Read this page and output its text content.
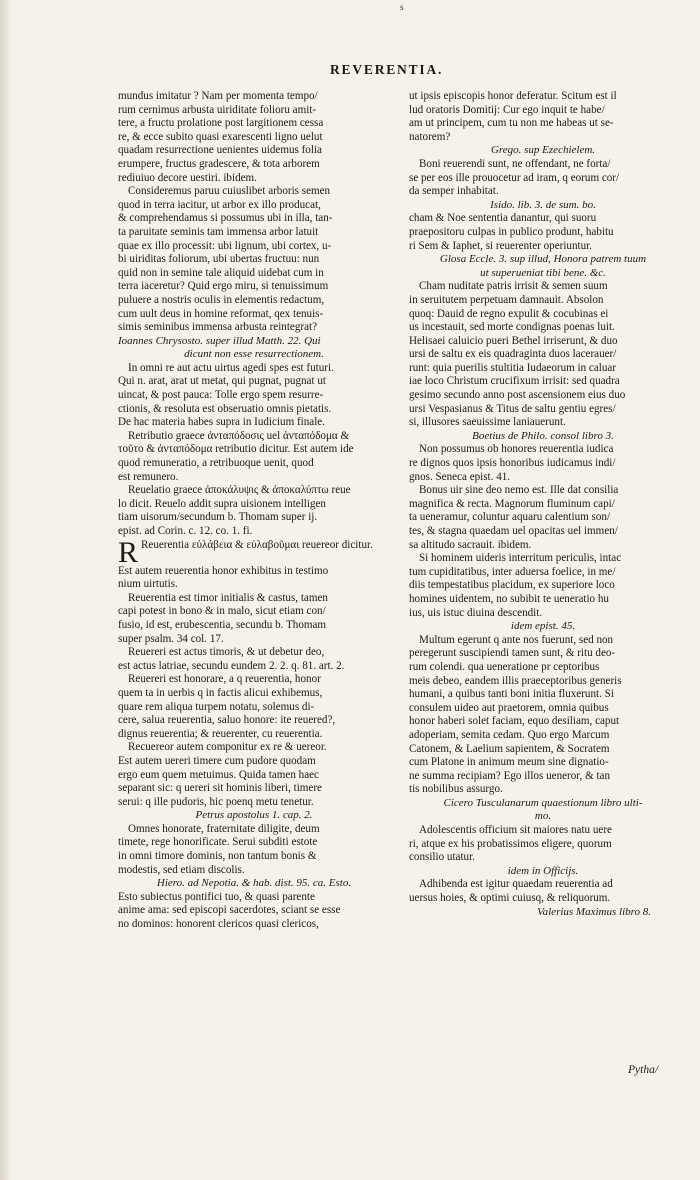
s
REVERENTIA.

mundus imitatur ? Nam per momenta tempo/

rum cernimus arbusta uiriditate folioru amit-

tere, a fructu prolatione post largitionem cessa

re, & ecce subito quasi exarescenti ligno uelut

quadam resurrectione uenientes uidemus folia

erumpere, fructus gradescere, & tota arborem

rediuiuo decore uestiri. ibidem.

Consideremus paruu cuiuslibet arboris semen

quod in terra iacitur, ut arbor ex illo producat,

& comprehendamus si possumus ubi in illa, tan-

ta paruitate seminis tam immensa arbor latuit

quae ex illo processit: ubi lignum, ubi cortex, u-

bi uiriditas foliorum, ubi ubertas fructuu: nun

quid non in semine tale aliquid uidebat cum in

terra iaceretur? Quid ergo miru, si tenuissimum

puluere a nostris oculis in elementis redactum,

cum uult deus in homine reformat, qex tenuis-

simis seminibus immensa arbusta reintegrat?

Ioannes Chrysosto. super illud Matth. 22. Qui

dicunt non esse resurrectionem.

In omni re aut actu uirtus agedi spes est futuri.

Qui n. arat, arat ut metat, qui pugnat, pugnat ut

uincat, & post pauca: Tolle ergo spem resurre-

ctionis, & resoluta est obseruatio omnis pietatis.

De hac materia habes supra in Iudicium finale.

Retributio graece ἀνταπόδοσις uel ἀνταπόδομα &

τοῦτο & ἀνταπόδομα retributio dicitur. Est autem ide

quod remuneratio, a retribuoque uenit, quod

est remunero.

Reuelatio graece ἀποκάλυψις & ἀποκαλύπτω reue

lo dicit. Reuelo addit supra uisionem intelligen

tiam uisorum/secundum b. Thomam super ij.

epist. ad Corin. c. 12. co. 1. fi.

R Reuerentia εὐλάβεια & εὐλαβοῦμαι reuereor dicitur.

Est autem reuerentia honor exhibitus in testimo

nium uirtutis.

Reuerentia est timor initialis & castus, tamen

capi potest in bono & in malo, sicut etiam con/

fusio, id est, erubescentia, secundu b. Thomam

super psalm. 34 col. 17.

Reuereri est actus timoris, & ut debetur deo,

est actus latriae, secundu eundem 2. 2. q. 81. art. 2.

Reuereri est honorare, a q reuerentia, honor

quem ta in uerbis q in factis alicui exhibemus,

quare rem aliqua turpem notatu, solemus di-

cere, salua reuerentia, saluo honore: ite reuered?,

dignus reuerentia; & reuerenter, cu reuerentia.

Recuereor autem componitur ex re & uereor.

Est autem uereri timere cum pudore quodam

ergo eum quem metuimus. Quida tamen haec

separant sic: q uereri sit hominis liberi, timere

serui: q ille pudoris, hic poenq metu tenetur.

Petrus apostolus 1. cap. 2.

Omnes honorate, fraternitate diligite, deum

timete, rege honorificate. Serui subditi estote

in omni timore dominis, non tantum bonis &

modestis, sed etiam discolis.

Hiero. ad Nepotia. & hab. dist. 95. ca. Esto.

Esto subiectus pontifici tuo, & quasi parente

anime ama: sed episcopi sacerdotes, sciant se esse

no dominos: honorent clericos quasi clericos,

ut ipsis episcopis honor deferatur. Scitum est il

lud oratoris Domitij: Cur ego inquit te habe/

am ut principem, cum tu non me habeas ut se-

natorem?

Grego. sup Ezechielem.

Boni reuerendi sunt, ne offendant, ne forta/

se per eos ille prouocetur ad iram, q eorum cor/

da semper inhabitat.

Isido. lib. 3. de sum. bo.

cham & Noe sententia danantur, qui suoru

praepositoru culpas in publico produnt, habitu

ri Sem & Iaphet, si reuerenter operiuntur.

Glosa Eccle. 3. sup illud, Honora patrem tuum

ut superueniat tibi bene. &c.

Cham nuditate patris irrisit & semen suum

in seruitutem perpetuam damnauit. Absolon

quoq: Dauid de regno expulit & cocubinas ei

us incestauit, sed morte condignas poenas luit.

Helisaei caluicio pueri Bethel irriserunt, & duo

ursi de saltu ex eis quadraginta duos lacerauer/

runt: quia puerilis stultitia Iudaeorum in caluar

iae loco Christum crucifixum irrisit: sed quadra

gesimo secundo anno post ascensionem eius duo

ursi Vespasianus & Titus de saltu gentiu egres/

si, illusores saeuissime laniauerunt.

Boetius de Philo. consol libro 3.

Non possumus ob honores reuerentia iudica

re dignos quos ipsis honoribus iudicamus indi/

gnos. Seneca epist. 41.

Bonus uir sine deo nemo est. Ille dat consilia

magnifica & recta. Magnorum fluminum capi/

ta ueneramur, coluntur aquaru calentium son/

tes, & stagna quaedam uel opacitas uel immen/

sa altitudo sacrauit. ibidem.

Si hominem uideris interritum periculis, intac

tum cupiditatibus, inter aduersa foelice, in me/

diis tempestatibus placidum, ex superiore loco

homines uidentem, no subibit te ueneratio hu

ius, uis istuc diuina descendit.

idem epist. 45.

Multum egerunt q ante nos fuerunt, sed non

peregerunt suscipiendi tamen sunt, & ritu deo-

rum colendi. qua ueneratione pr ceptoribus

meis debeo, eandem illis praeceptoribus generis

humani, a quibus tanti boni initia fluxerunt. Si

consulem uideo aut praetorem, omnia quibus

honor haberi solet faciam, equo desiliam, caput

adoperiam, semita cedam. Quo ergo Marcum

Catonem, & Laelium sapientem, & Socratem

cum Platone in animum meum sine dignatio-

ne summa recipiam? Ego illos ueneror, & tan

tis nobilibus assurgo.

Cicero Tusculanarum quaestionum libro ulti-

mo.

Adolescentis officium sit maiores natu uere

ri, atque ex his probatissimos eligere, quorum

consilio utatur.

idem in Officijs.

Adhibenda est igitur quaedam reuerentia ad

uersus hoies, & optimi cuiusq, & reliquorum.

Valerius Maximus libro 8.

Pytha/
